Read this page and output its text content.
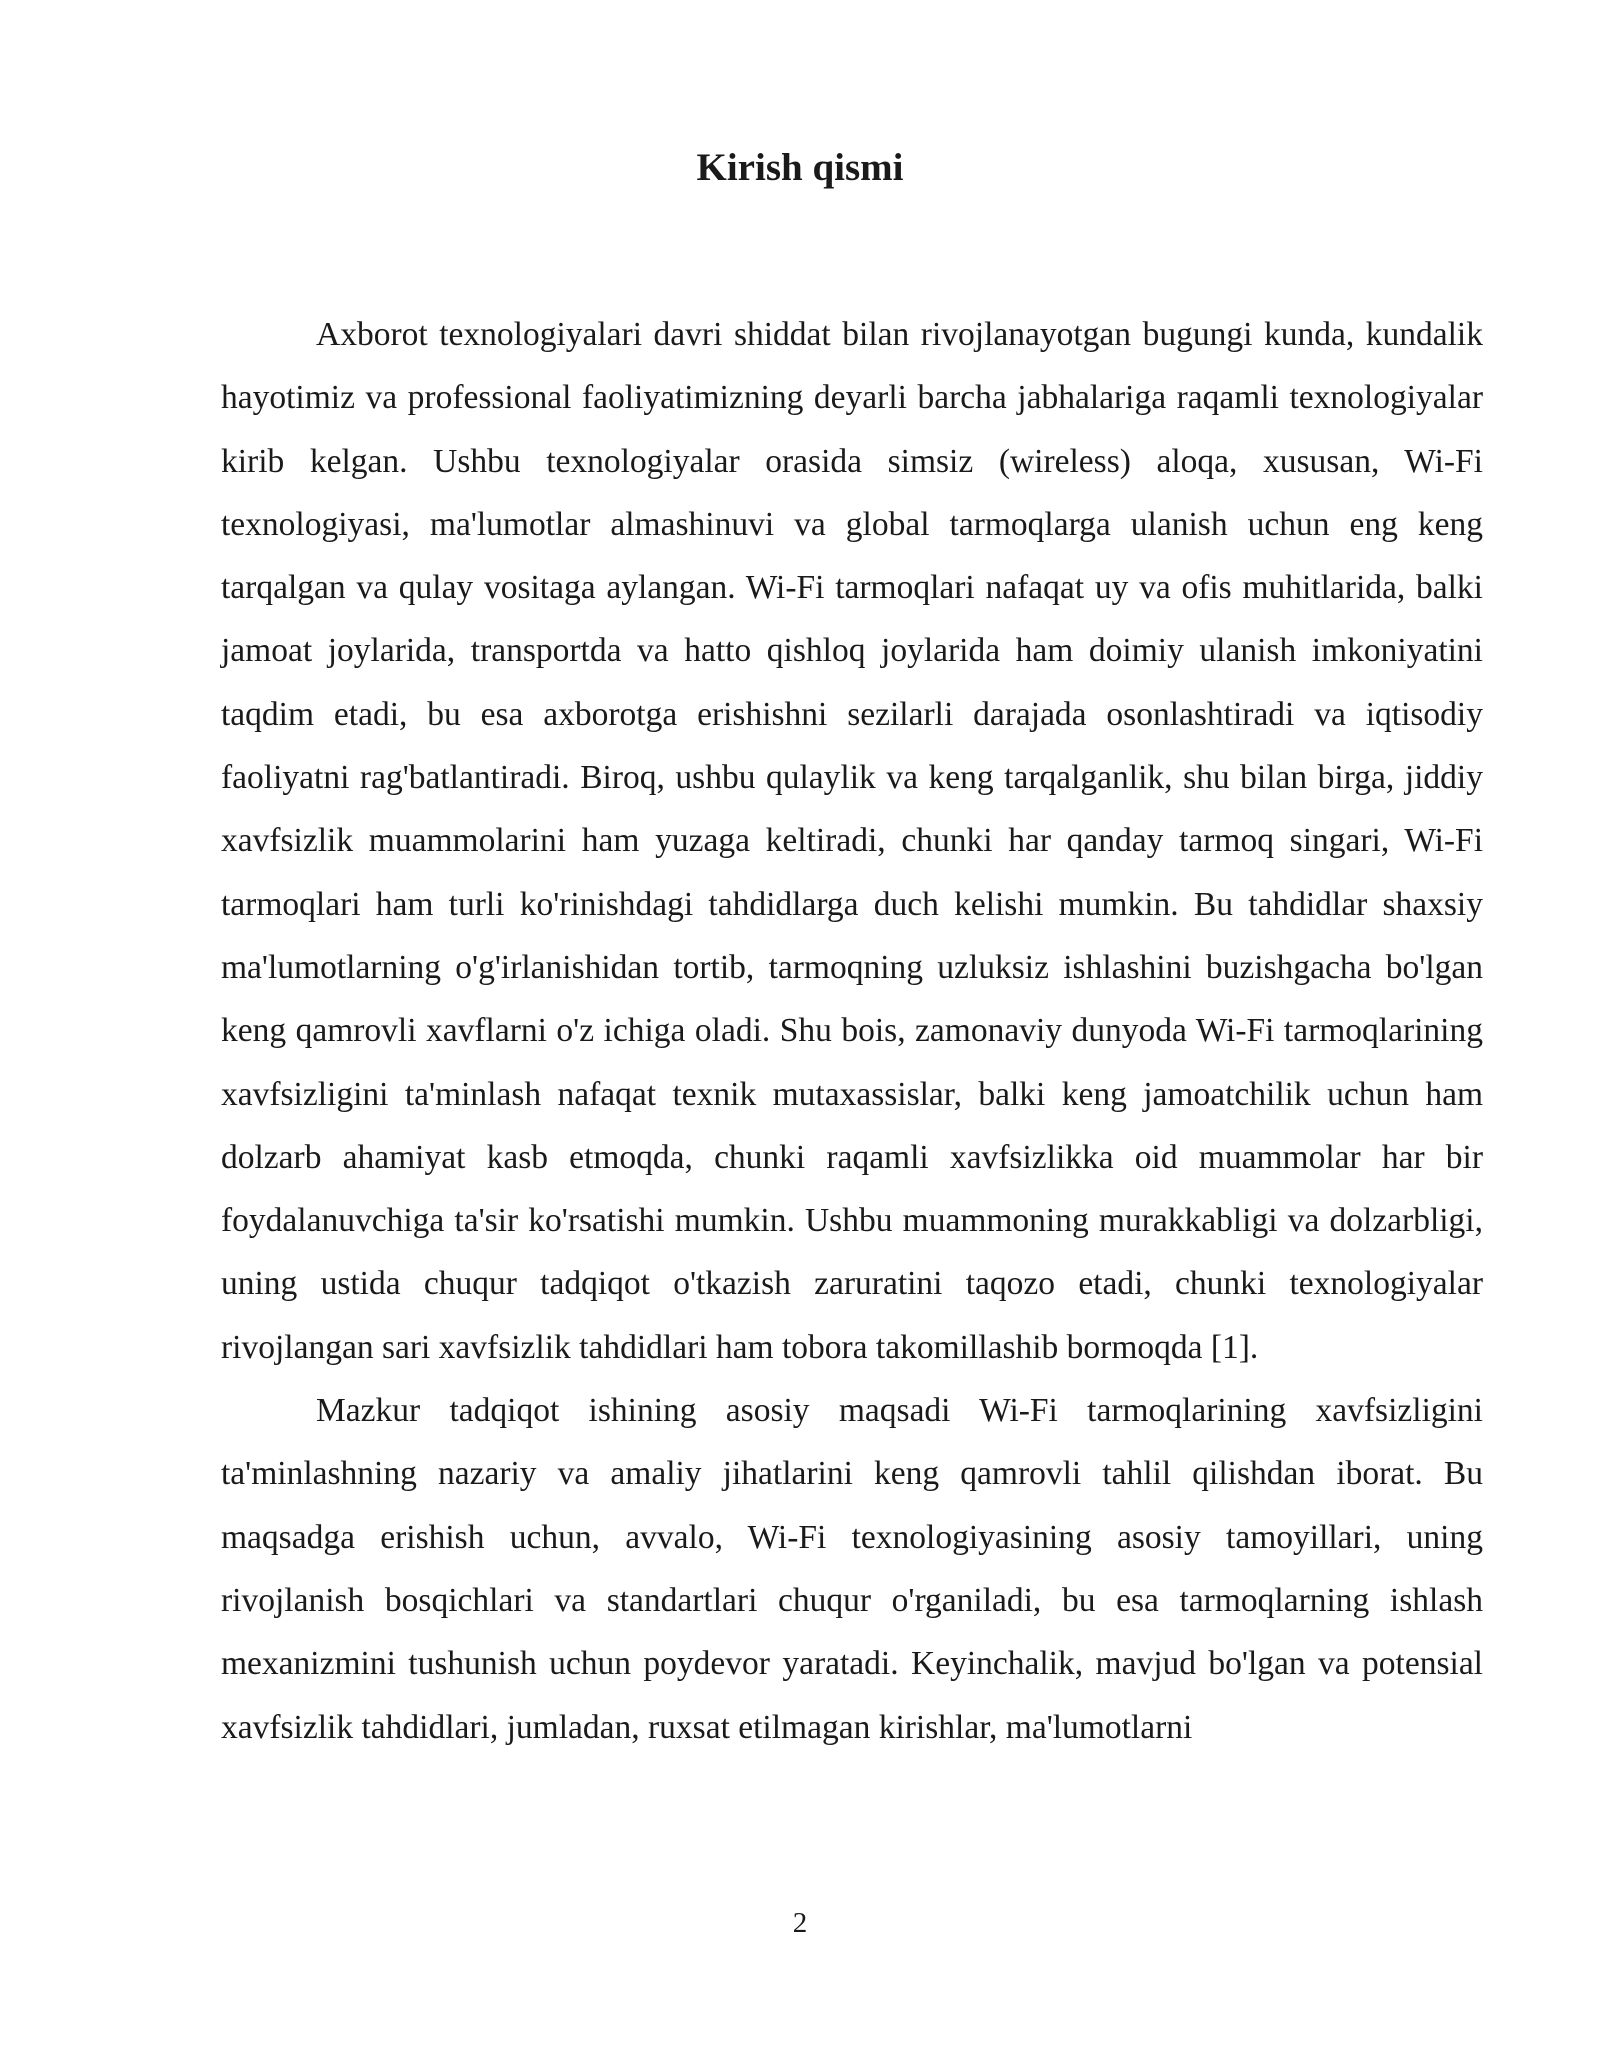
Kirish qismi

Axborot texnologiyalari davri shiddat bilan rivojlanayotgan bugungi kunda, kundalik hayotimiz va professional faoliyatimizning deyarli barcha jabhalariga raqamli texnologiyalar kirib kelgan. Ushbu texnologiyalar orasida simsiz (wireless) aloqa, xususan, Wi-Fi texnologiyasi, ma'lumotlar almashinuvi va global tarmoqlarga ulanish uchun eng keng tarqalgan va qulay vositaga aylangan. Wi-Fi tarmoqlari nafaqat uy va ofis muhitlarida, balki jamoat joylarida, transportda va hatto qishloq joylarida ham doimiy ulanish imkoniyatini taqdim etadi, bu esa axborotga erishishni sezilarli darajada osonlashtiradi va iqtisodiy faoliyatni rag'batlantiradi. Biroq, ushbu qulaylik va keng tarqalganlik, shu bilan birga, jiddiy xavfsizlik muammolarini ham yuzaga keltiradi, chunki har qanday tarmoq singari, Wi-Fi tarmoqlari ham turli ko'rinishdagi tahdidlarga duch kelishi mumkin. Bu tahdidlar shaxsiy ma'lumotlarning o'g'irlanishidan tortib, tarmoqning uzluksiz ishlashini buzishgacha bo'lgan keng qamrovli xavflarni o'z ichiga oladi. Shu bois, zamonaviy dunyoda Wi-Fi tarmoqlarining xavfsizligini ta'minlash nafaqat texnik mutaxassislar, balki keng jamoatchilik uchun ham dolzarb ahamiyat kasb etmoqda, chunki raqamli xavfsizlikka oid muammolar har bir foydalanuvchiga ta'sir ko'rsatishi mumkin. Ushbu muammoning murakkabligi va dolzarbligi, uning ustida chuqur tadqiqot o'tkazish zaruratini taqozo etadi, chunki texnologiyalar rivojlangan sari xavfsizlik tahdidlari ham tobora takomillashib bormoqda [1].

Mazkur tadqiqot ishining asosiy maqsadi Wi-Fi tarmoqlarining xavfsizligini ta'minlashning nazariy va amaliy jihatlarini keng qamrovli tahlil qilishdan iborat. Bu maqsadga erishish uchun, avvalo, Wi-Fi texnologiyasining asosiy tamoyillari, uning rivojlanish bosqichlari va standartlari chuqur o'rganiladi, bu esa tarmoqlarning ishlash mexanizmini tushunish uchun poydevor yaratadi. Keyinchalik, mavjud bo'lgan va potensial xavfsizlik tahdidlari, jumladan, ruxsat etilmagan kirishlar, ma'lumotlarni

2
